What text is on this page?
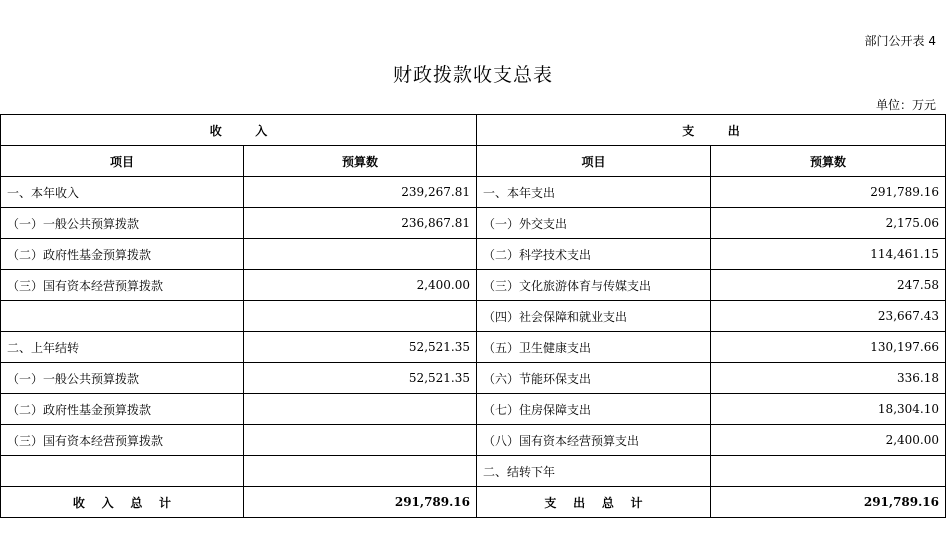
部门公开表 4
财政拨款收支总表
单位：万元
收        入		支        出	
项目	预算数	项目	预算数
一、本年收入	239,267.81	一、本年支出	291,789.16
（一）一般公共预算拨款	236,867.81	（一）外交支出	2,175.06
（二）政府性基金预算拨款		（二）科学技术支出	114,461.15
（三）国有资本经营预算拨款	2,400.00	（三）文化旅游体育与传媒支出	247.58
		（四）社会保障和就业支出	23,667.43
二、上年结转	52,521.35	（五）卫生健康支出	130,197.66
（一）一般公共预算拨款	52,521.35	（六）节能环保支出	336.18
（二）政府性基金预算拨款		（七）住房保障支出	18,304.10
（三）国有资本经营预算拨款		（八）国有资本经营预算支出	2,400.00
		二、结转下年	
收    入    总    计	291,789.16	支    出    总    计	291,789.16
